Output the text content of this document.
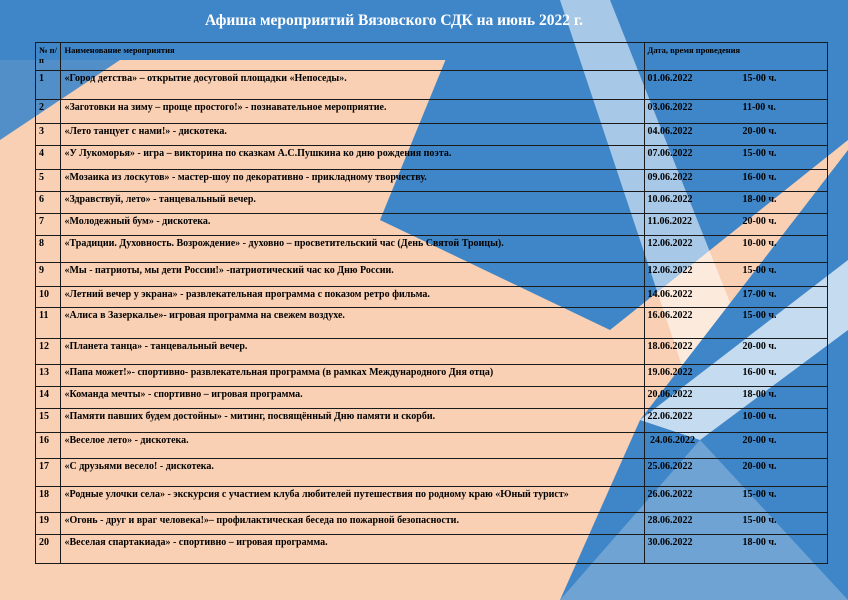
Афиша мероприятий Вязовского СДК на июнь 2022 г.
№ п/п	Наименование мероприятия	Дата, время проведения
1	«Город детства» – открытие досуговой площадки «Непоседы».	01.06.2022 15-00 ч.
2	«Заготовки на зиму – проще простого!» - познавательное мероприятие.	03.06.2022 11-00 ч.
3	«Лето танцует с нами!» - дискотека.	04.06.2022 20-00 ч.
4	«У Лукоморья» - игра – викторина по сказкам А.С.Пушкина ко дню рождения поэта.	07.06.2022 15-00 ч.
5	«Мозаика из лоскутов» - мастер-шоу по декоративно - прикладному творчеству.	09.06.2022 16-00 ч.
6	«Здравствуй, лето» - танцевальный вечер.	10.06.2022 18-00 ч.
7	«Молодежный бум» - дискотека.	11.06.2022 20-00 ч.
8	«Традиции. Духовность. Возрождение» - духовно – просветительский час (День Святой Троицы).	12.06.2022 10-00 ч.
9	«Мы - патриоты, мы дети России!» -патриотический час ко Дню России.	12.06.2022 15-00 ч.
10	«Летний вечер у экрана» - развлекательная программа с показом ретро фильма.	14.06.2022 17-00 ч.
11	«Алиса в Зазеркалье»- игровая программа на свежем воздухе.	16.06.2022 15-00 ч.
12	«Планета танца» - танцевальный вечер.	18.06.2022 20-00 ч.
13	«Папа может!»- спортивно- развлекательная программа (в рамках Международного Дня отца)	19.06.2022 16-00 ч.
14	«Команда мечты» - спортивно – игровая программа.	20.06.2022 18-00 ч.
15	«Памяти павших будем достойны» - митинг, посвящённый Дню памяти и скорби.	22.06.2022 10-00 ч.
16	«Веселое лето» - дискотека.	24.06.2022 20-00 ч.
17	«С друзьями весело! - дискотека.	25.06.2022 20-00 ч.
18	«Родные улочки села» - экскурсия с участием клуба любителей путешествия по родному краю «Юный турист»	26.06.2022 15-00 ч.
19	«Огонь - друг и враг человека!»– профилактическая беседа по пожарной безопасности.	28.06.2022 15-00 ч.
20	«Веселая спартакиада» - спортивно – игровая программа.	30.06.2022 18-00 ч.
